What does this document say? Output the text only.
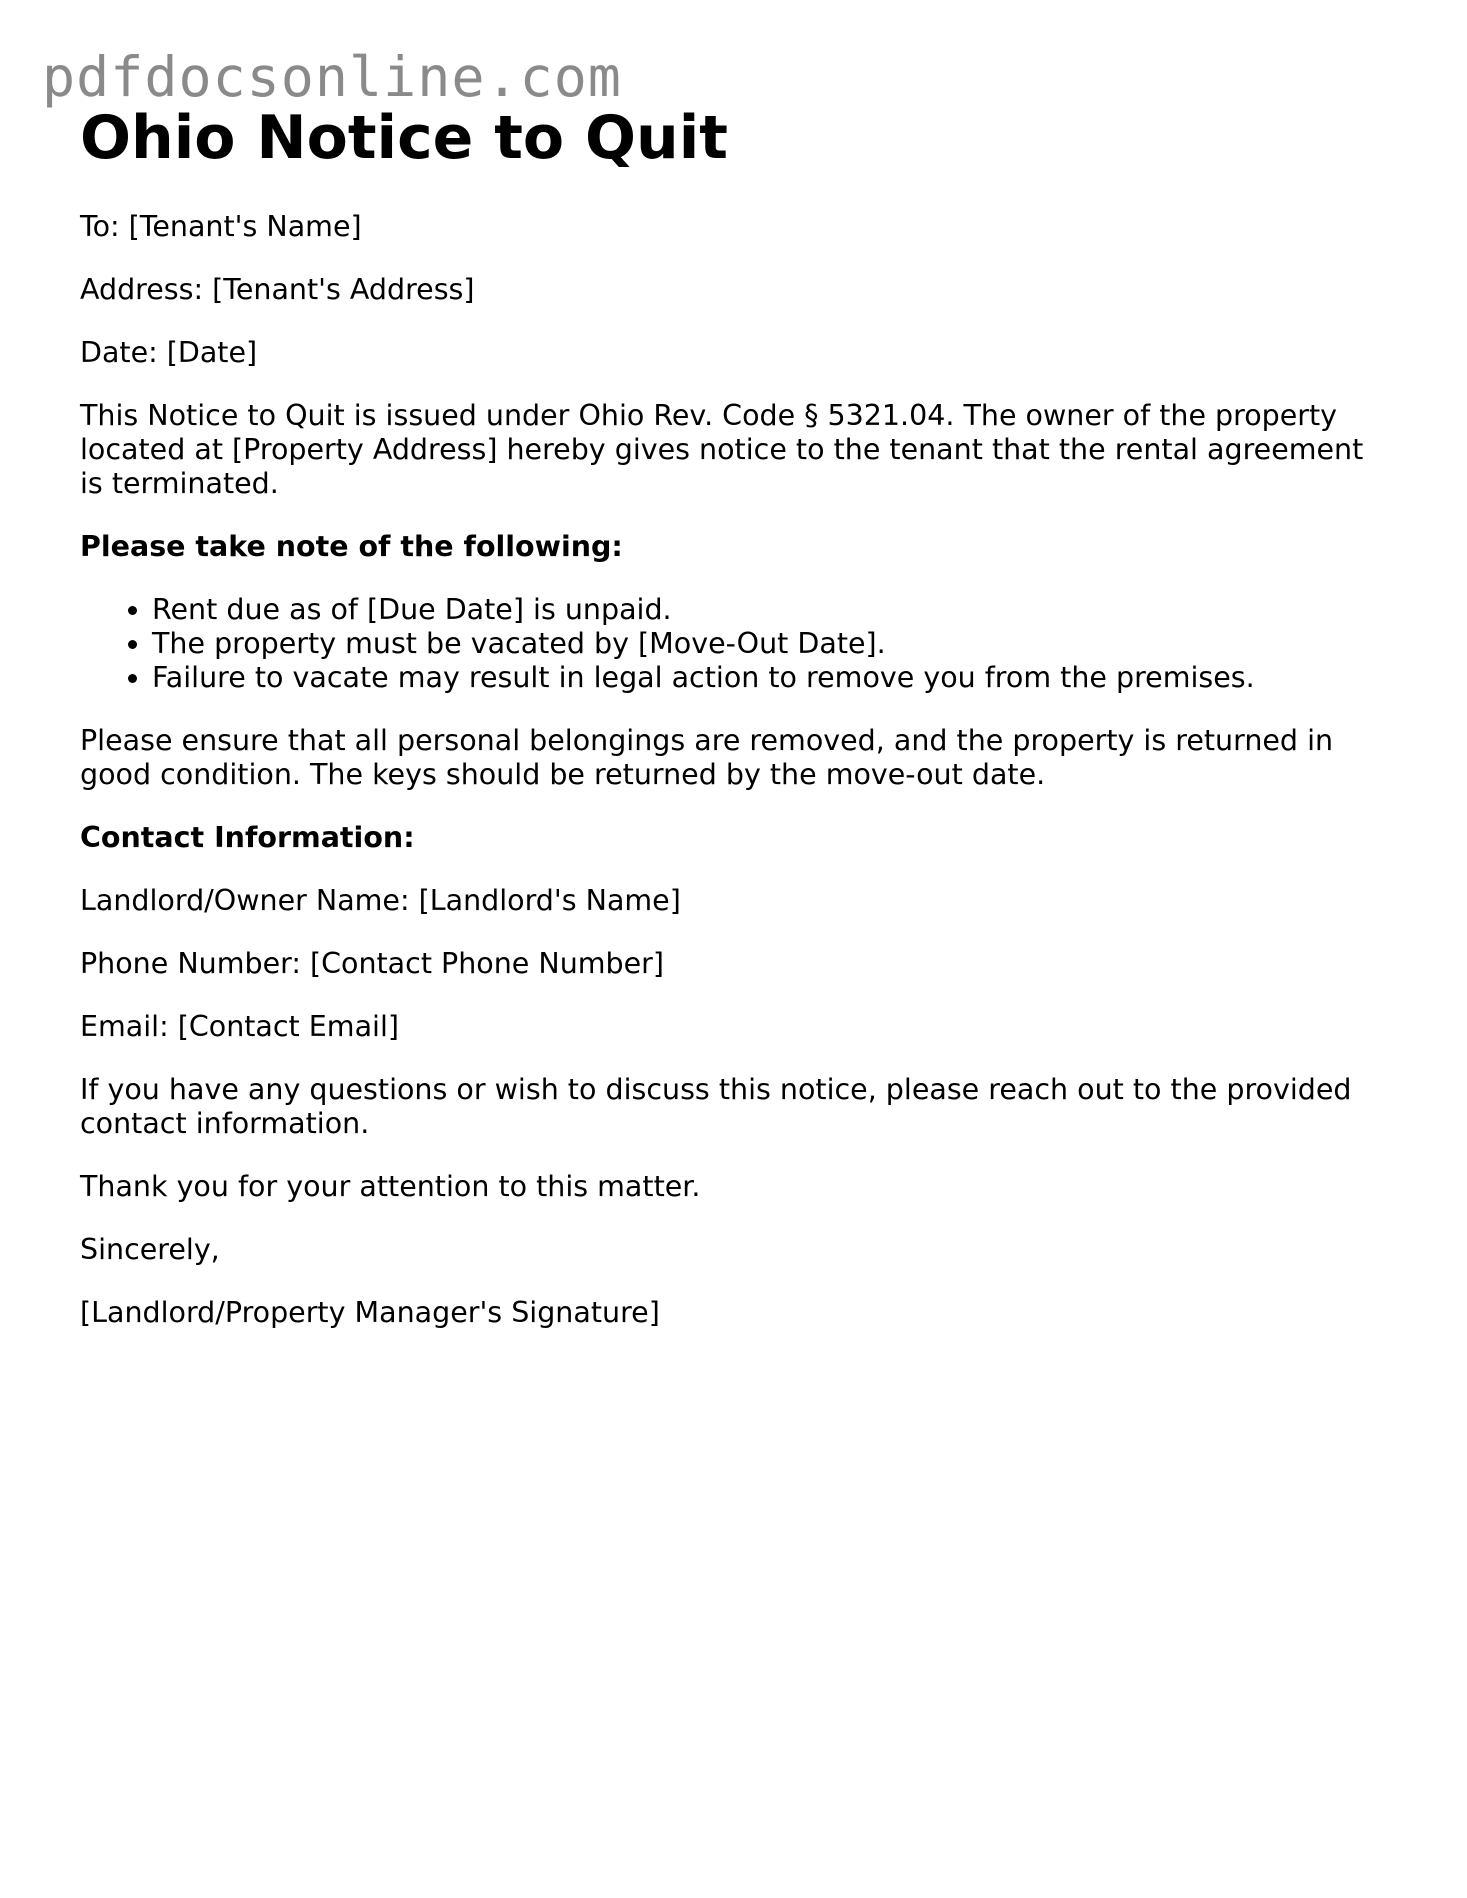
pdfdocsonline.com
Ohio Notice to Quit

To: [Tenant's Name]

Address: [Tenant's Address]

Date: [Date]

This Notice to Quit is issued under Ohio Rev. Code § 5321.04. The owner of the property located at [Property Address] hereby gives notice to the tenant that the rental agreement is terminated.

Please take note of the following:

• Rent due as of [Due Date] is unpaid.
• The property must be vacated by [Move-Out Date].
• Failure to vacate may result in legal action to remove you from the premises.

Please ensure that all personal belongings are removed, and the property is returned in good condition. The keys should be returned by the move-out date.

Contact Information:

Landlord/Owner Name: [Landlord's Name]

Phone Number: [Contact Phone Number]

Email: [Contact Email]

If you have any questions or wish to discuss this notice, please reach out to the provided contact information.

Thank you for your attention to this matter.

Sincerely,

[Landlord/Property Manager's Signature]
